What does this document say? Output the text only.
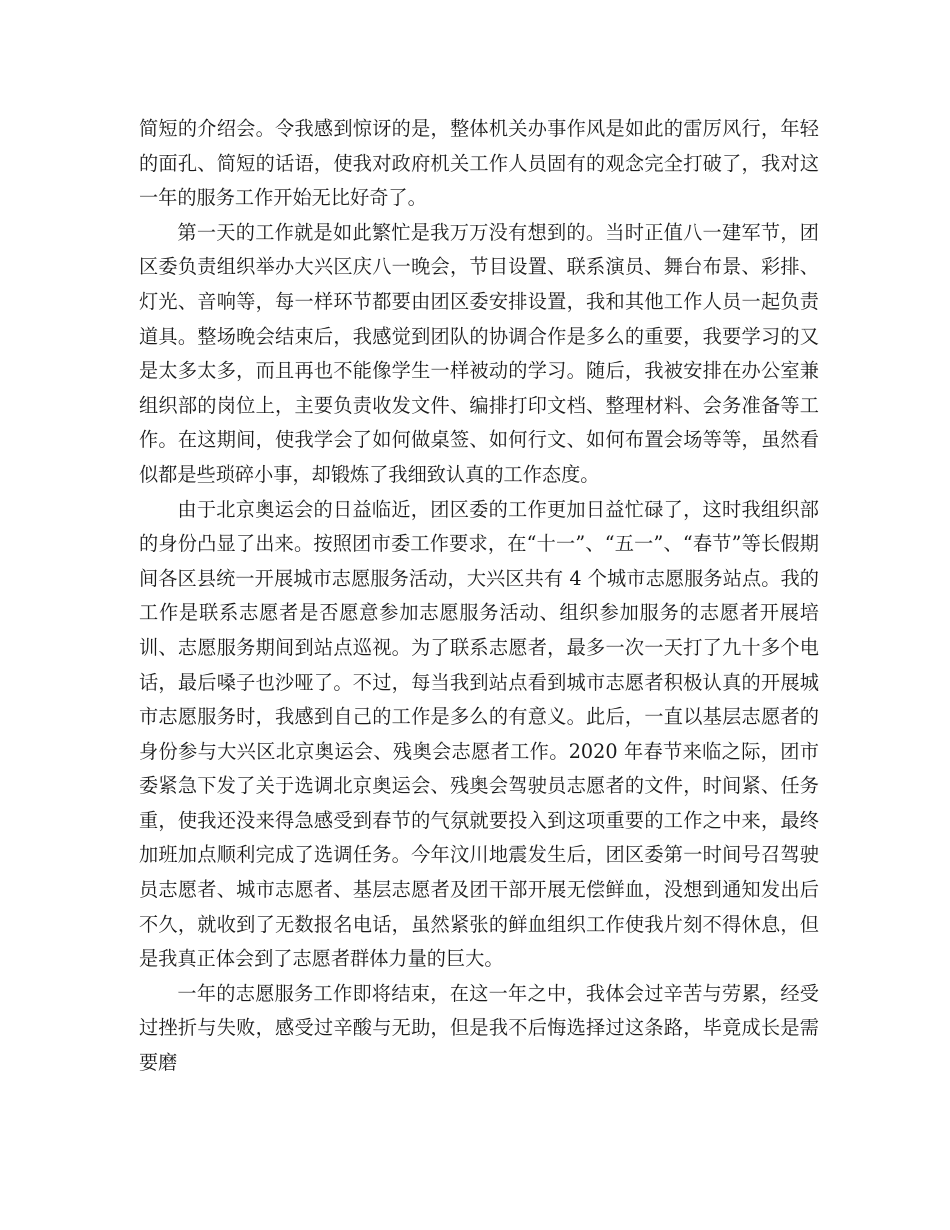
简短的介绍会。令我感到惊讶的是，整体机关办事作风是如此的雷厉风行，年轻的面孔、简短的话语，使我对政府机关工作人员固有的观念完全打破了，我对这一年的服务工作开始无比好奇了。

第一天的工作就是如此繁忙是我万万没有想到的。当时正值八一建军节，团区委负责组织举办大兴区庆八一晚会，节目设置、联系演员、舞台布景、彩排、灯光、音响等，每一样环节都要由团区委安排设置，我和其他工作人员一起负责道具。整场晚会结束后，我感觉到团队的协调合作是多么的重要，我要学习的又是太多太多，而且再也不能像学生一样被动的学习。随后，我被安排在办公室兼组织部的岗位上，主要负责收发文件、编排打印文档、整理材料、会务准备等工作。在这期间，使我学会了如何做桌签、如何行文、如何布置会场等等，虽然看似都是些琐碎小事，却锻炼了我细致认真的工作态度。

由于北京奥运会的日益临近，团区委的工作更加日益忙碌了，这时我组织部的身份凸显了出来。按照团市委工作要求，在“十一”、“五一”、“春节”等长假期间各区县统一开展城市志愿服务活动，大兴区共有 4 个城市志愿服务站点。我的工作是联系志愿者是否愿意参加志愿服务活动、组织参加服务的志愿者开展培训、志愿服务期间到站点巡视。为了联系志愿者，最多一次一天打了九十多个电话，最后嗓子也沙哑了。不过，每当我到站点看到城市志愿者积极认真的开展城市志愿服务时，我感到自己的工作是多么的有意义。此后，一直以基层志愿者的身份参与大兴区北京奥运会、残奥会志愿者工作。2020 年春节来临之际，团市委紧急下发了关于选调北京奥运会、残奥会驾驶员志愿者的文件，时间紧、任务重，使我还没来得急感受到春节的气氛就要投入到这项重要的工作之中来，最终加班加点顺利完成了选调任务。今年汶川地震发生后，团区委第一时间号召驾驶员志愿者、城市志愿者、基层志愿者及团干部开展无偿鲜血，没想到通知发出后不久，就收到了无数报名电话，虽然紧张的鲜血组织工作使我片刻不得休息，但是我真正体会到了志愿者群体力量的巨大。

一年的志愿服务工作即将结束，在这一年之中，我体会过辛苦与劳累，经受过挫折与失败，感受过辛酸与无助，但是我不后悔选择过这条路，毕竟成长是需要磨
